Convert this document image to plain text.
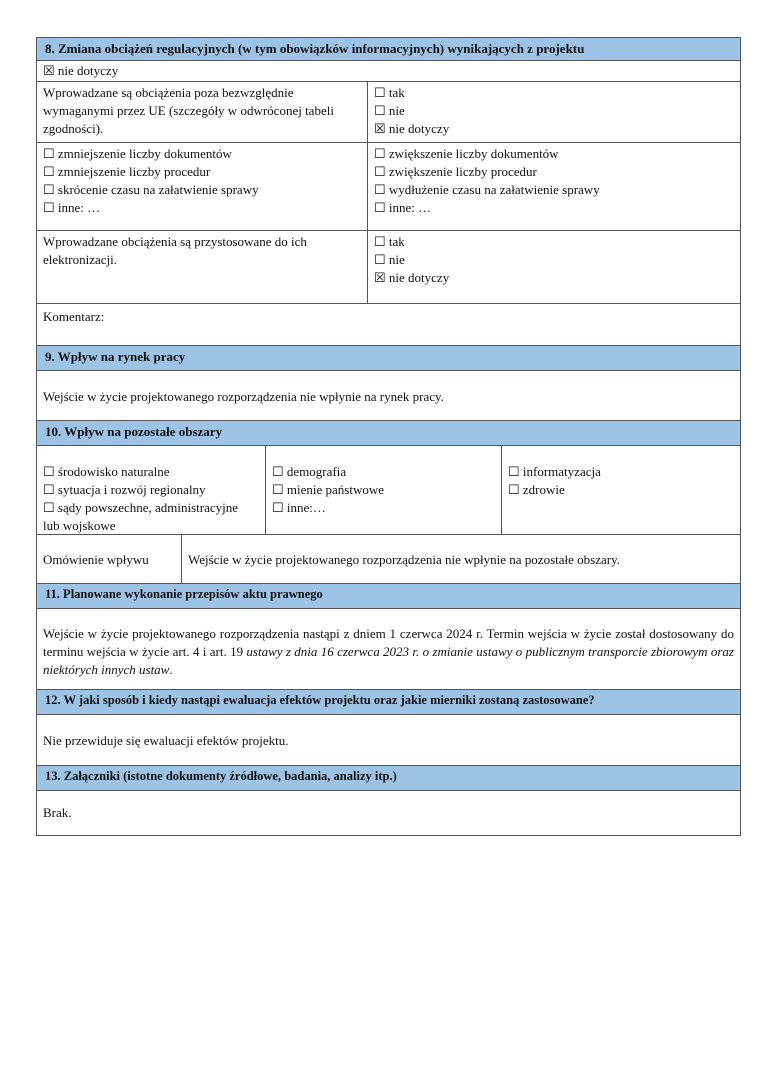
8. Zmiana obciążeń regulacyjnych (w tym obowiązków informacyjnych) wynikających z projektu
☒ nie dotyczy
Wprowadzane są obciążenia poza bezwzględnie
wymaganymi przez UE (szczegóły w odwróconej tabeli
zgodności).
☐ tak
☐ nie
☒ nie dotyczy
☐ zmniejszenie liczby dokumentów
☐ zmniejszenie liczby procedur
☐ skrócenie czasu na załatwienie sprawy
☐ inne: …
☐ zwiększenie liczby dokumentów
☐ zwiększenie liczby procedur
☐ wydłużenie czasu na załatwienie sprawy
☐ inne: …
Wprowadzane obciążenia są przystosowane do ich
elektronizacji.
☐ tak
☐ nie
☒ nie dotyczy
Komentarz:
9. Wpływ na rynek pracy
Wejście w życie projektowanego rozporządzenia nie wpłynie na rynek pracy.
10. Wpływ na pozostałe obszary
☐ środowisko naturalne
☐ sytuacja i rozwój regionalny
☐ sądy powszechne, administracyjne
lub wojskowe
☐ demografia
☐ mienie państwowe
☐ inne:…
☐ informatyzacja
☐ zdrowie
Omówienie wpływu	Wejście w życie projektowanego rozporządzenia nie wpłynie na pozostałe obszary.
11. Planowane wykonanie przepisów aktu prawnego
Wejście w życie projektowanego rozporządzenia nastąpi z dniem 1 czerwca 2024 r. Termin wejścia w życie został dostosowany do terminu wejścia w życie art. 4 i art. 19 ustawy z dnia 16 czerwca 2023 r. o zmianie ustawy o publicznym transporcie zbiorowym oraz niektórych innych ustaw.
12. W jaki sposób i kiedy nastąpi ewaluacja efektów projektu oraz jakie mierniki zostaną zastosowane?
Nie przewiduje się ewaluacji efektów projektu.
13. Załączniki (istotne dokumenty źródłowe, badania, analizy itp.)
Brak.
